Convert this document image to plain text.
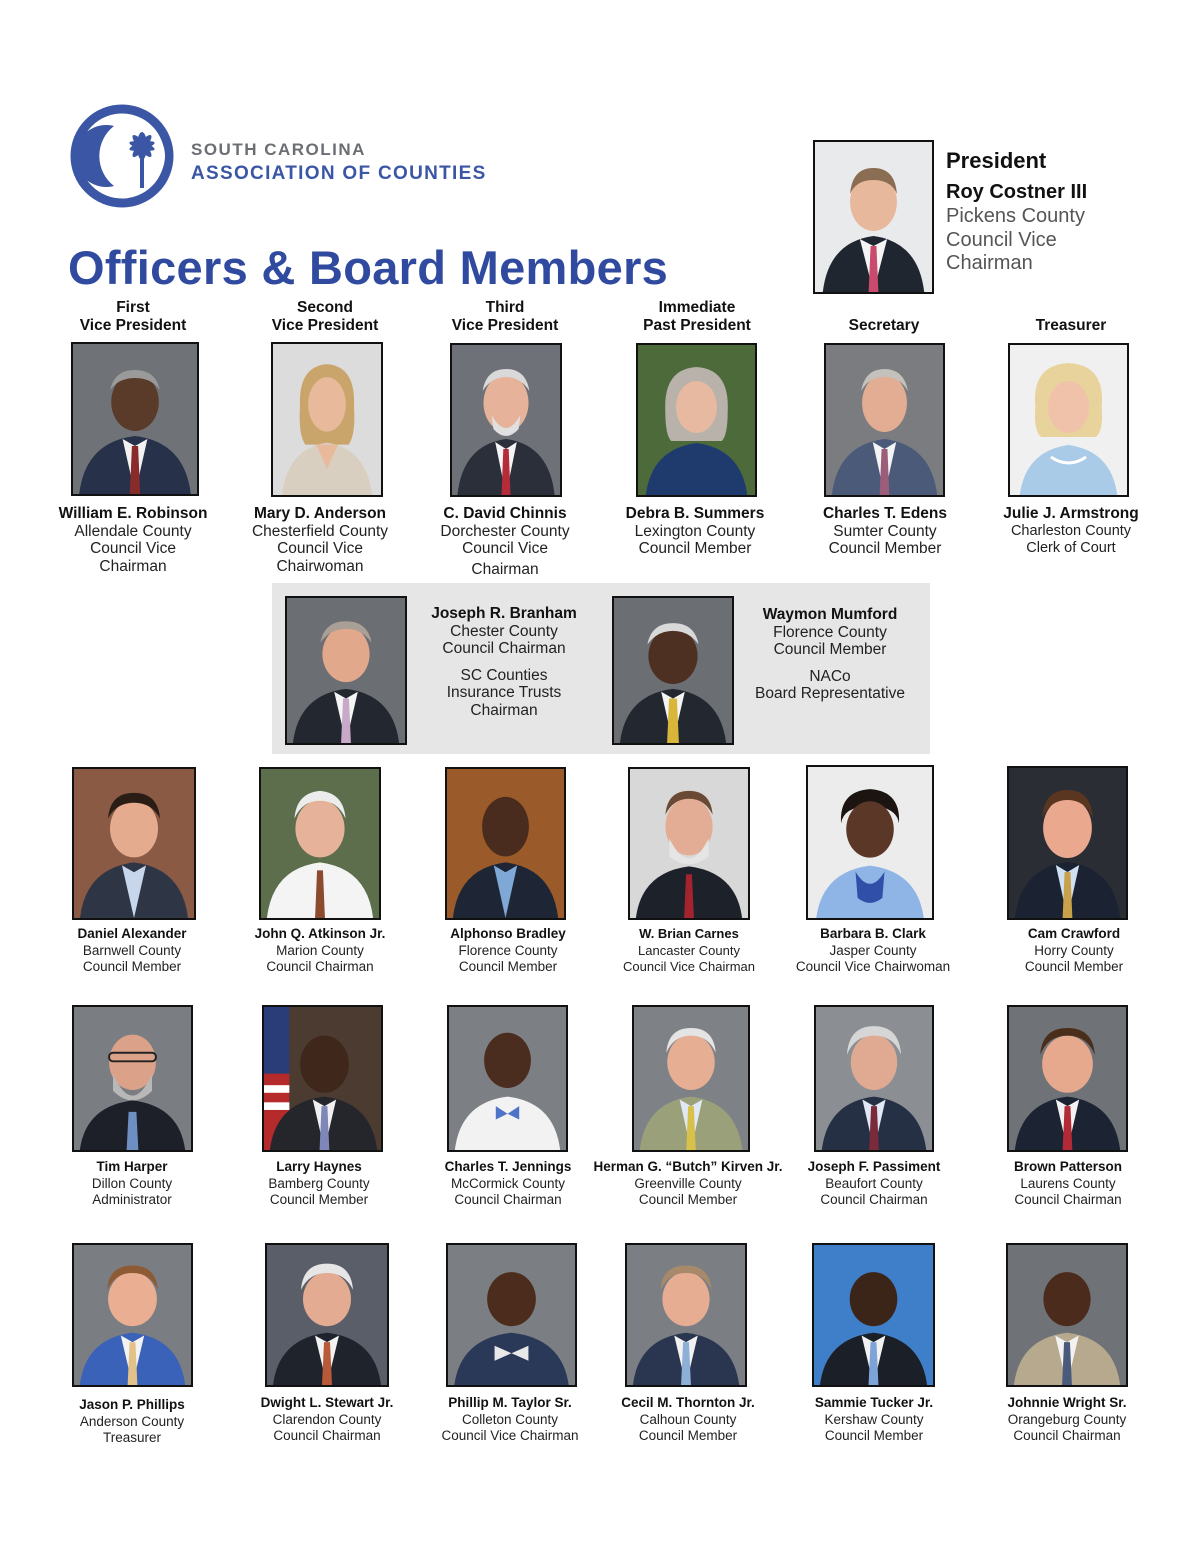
SOUTH CAROLINA
ASSOCIATION OF COUNTIES
Officers & Board Members
President
Roy Costner III
Pickens County
Council Vice
Chairman
First
Vice President
Second
Vice President
Third
Vice President
Immediate
Past President	Secretary	Treasurer
William E. Robinson
Allendale County
Council Vice
Chairman
Mary D. Anderson
Chesterfield County
Council Vice
Chairwoman
C. David Chinnis
Dorchester County
Council Vice
Chairman
Debra B. Summers
Lexington County
Council Member
Charles T. Edens
Sumter County
Council Member
Julie J. Armstrong
Charleston County
Clerk of Court
Joseph R. Branham
Chester County
Council Chairman
SC Counties
Insurance Trusts
Chairman
Waymon Mumford
Florence County
Council Member
NACo
Board Representative
Daniel Alexander
Barnwell County
Council Member
John Q. Atkinson Jr.
Marion County
Council Chairman
Alphonso Bradley
Florence County
Council Member
W. Brian Carnes
Lancaster County
Council Vice Chairman
Barbara B. Clark
Jasper County
Council Vice Chairwoman
Cam Crawford
Horry County
Council Member
Tim Harper
Dillon County
Administrator
Larry Haynes
Bamberg County
Council Member
Charles T. Jennings
McCormick County
Council Chairman
Herman G. “Butch” Kirven Jr.
Greenville County
Council Member
Joseph F. Passiment
Beaufort County
Council Chairman
Brown Patterson
Laurens County
Council Chairman
Jason P. Phillips
Anderson County
Treasurer
Dwight L. Stewart Jr.
Clarendon County
Council Chairman
Phillip M. Taylor Sr.
Colleton County
Council Vice Chairman
Cecil M. Thornton Jr.
Calhoun County
Council Member
Sammie Tucker Jr.
Kershaw County
Council Member
Johnnie Wright Sr.
Orangeburg County
Council Chairman
